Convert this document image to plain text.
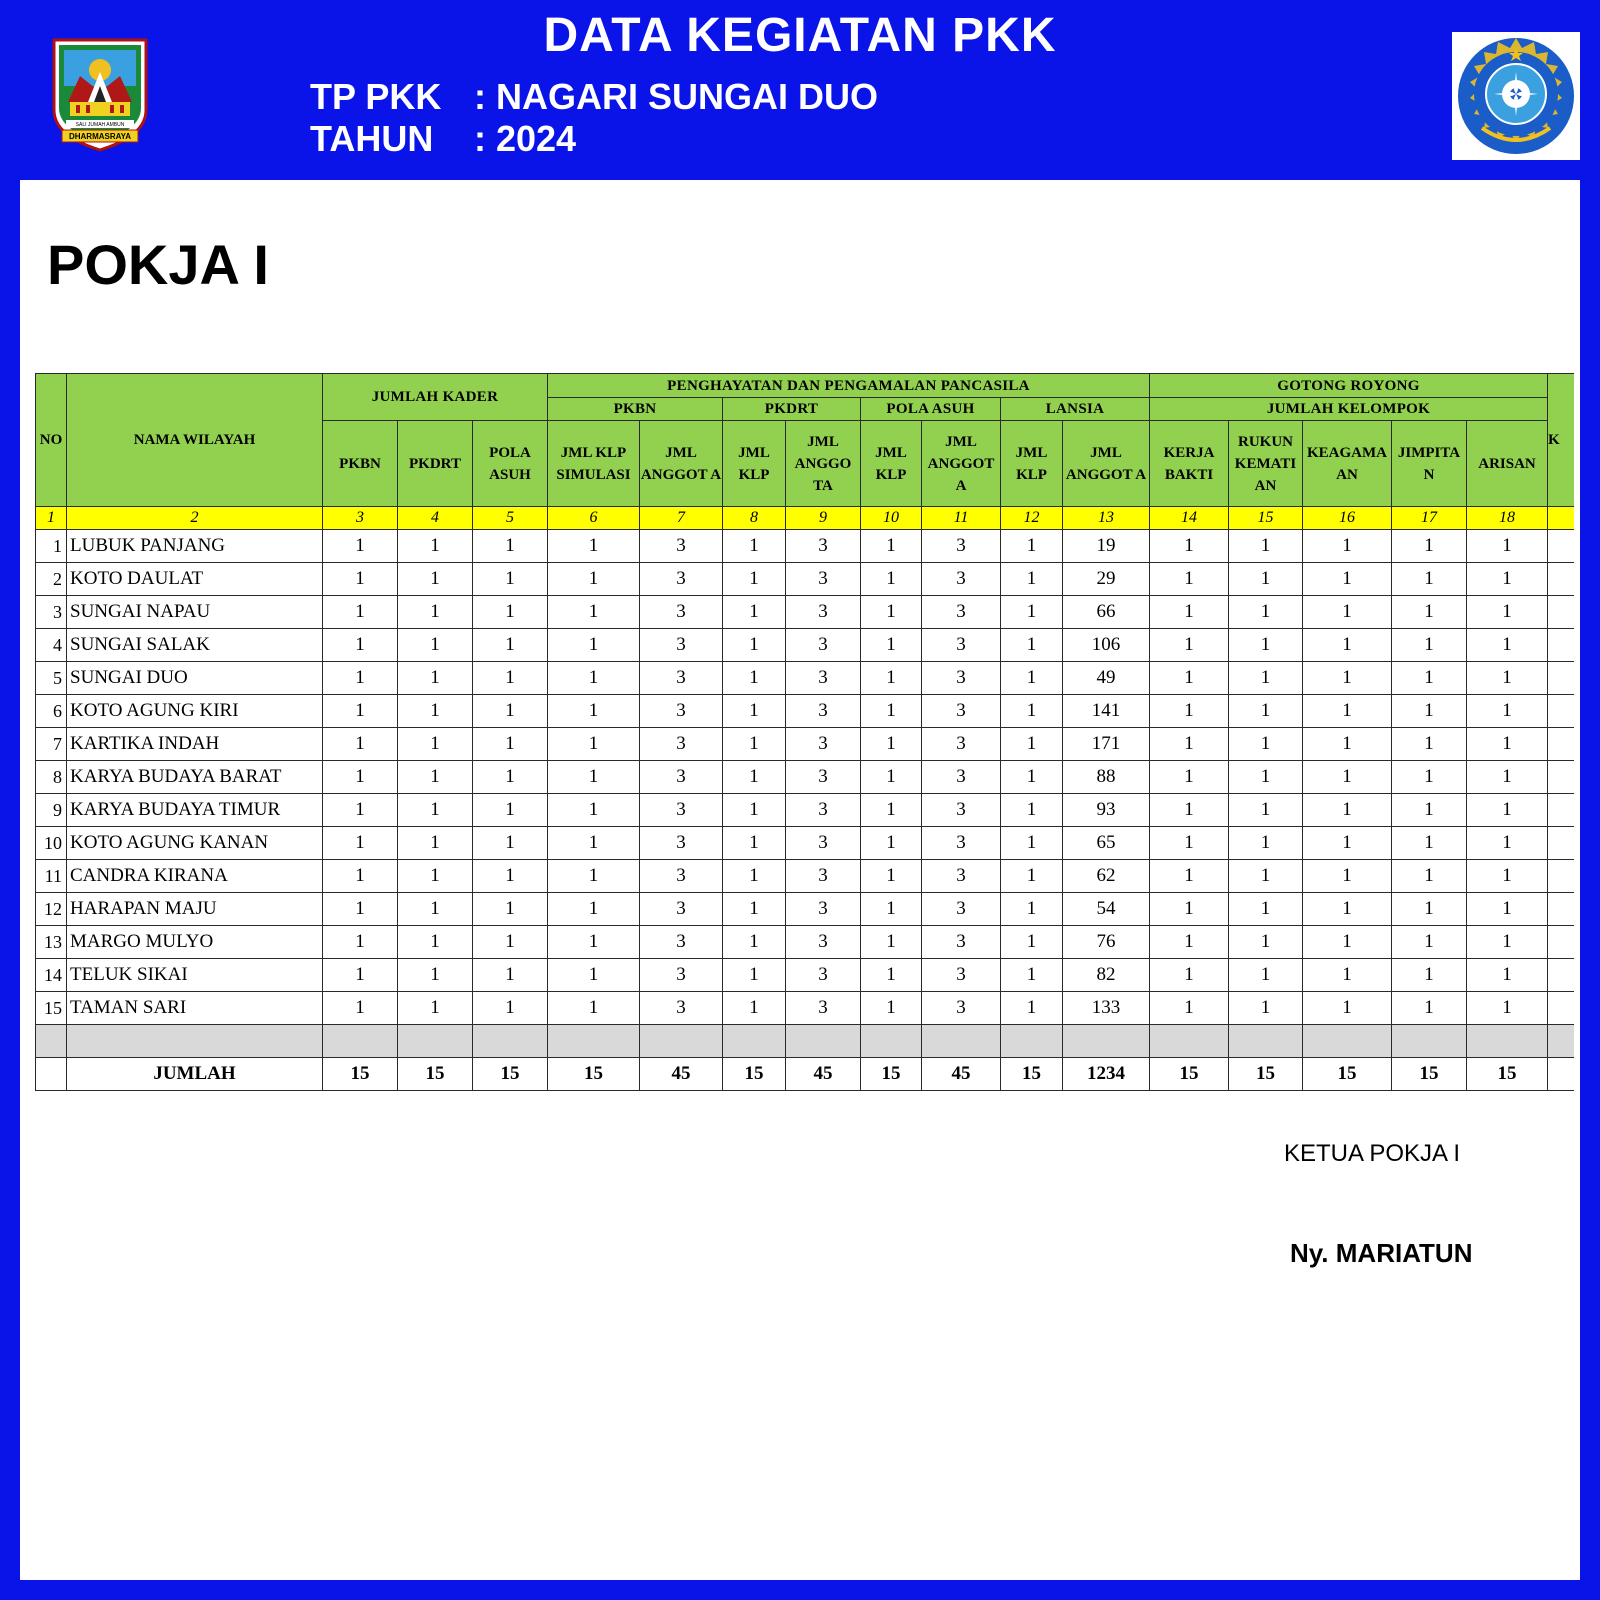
DATA KEGIATAN PKK
TP PKK : NAGARI SUNGAI DUO
TAHUN : 2024
SALI JUMAH AMBUN
DHARMASRAYA
POKJA I
NO	NAMA WILAYAH	JUMLAH KADER			PENGHAYATAN DAN PENGAMALAN PANCASILA								GOTONG ROYONG					K
					PKBN		PKDRT		POLA ASUH		LANSIA		JUMLAH KELOMPOK					
		PKBN	PKDRT	POLA ASUH	JML KLP SIMULASI	JML ANGGOT A	JML KLP	JML ANGGO TA	JML KLP	JML ANGGOT A	JML KLP	JML ANGGOT A	KERJA BAKTI	RUKUN KEMATI AN	KEAGAMA AN	JIMPITA N	ARISAN	
1	2	3	4	5	6	7	8	9	10	11	12	13	14	15	16	17	18	
1	LUBUK PANJANG	1	1	1	1	3	1	3	1	3	1	19	1	1	1	1	1	
2	KOTO DAULAT	1	1	1	1	3	1	3	1	3	1	29	1	1	1	1	1	
3	SUNGAI NAPAU	1	1	1	1	3	1	3	1	3	1	66	1	1	1	1	1	
4	SUNGAI SALAK	1	1	1	1	3	1	3	1	3	1	106	1	1	1	1	1	
5	SUNGAI DUO	1	1	1	1	3	1	3	1	3	1	49	1	1	1	1	1	
6	KOTO AGUNG KIRI	1	1	1	1	3	1	3	1	3	1	141	1	1	1	1	1	
7	KARTIKA INDAH	1	1	1	1	3	1	3	1	3	1	171	1	1	1	1	1	
8	KARYA BUDAYA BARAT	1	1	1	1	3	1	3	1	3	1	88	1	1	1	1	1	
9	KARYA BUDAYA TIMUR	1	1	1	1	3	1	3	1	3	1	93	1	1	1	1	1	
10	KOTO AGUNG KANAN	1	1	1	1	3	1	3	1	3	1	65	1	1	1	1	1	
11	CANDRA KIRANA	1	1	1	1	3	1	3	1	3	1	62	1	1	1	1	1	
12	HARAPAN MAJU	1	1	1	1	3	1	3	1	3	1	54	1	1	1	1	1	
13	MARGO MULYO	1	1	1	1	3	1	3	1	3	1	76	1	1	1	1	1	
14	TELUK SIKAI	1	1	1	1	3	1	3	1	3	1	82	1	1	1	1	1	
15	TAMAN SARI	1	1	1	1	3	1	3	1	3	1	133	1	1	1	1	1	

	JUMLAH	15	15	15	15	45	15	45	15	45	15	1234	15	15	15	15	15	
KETUA POKJA I
Ny. MARIATUN
